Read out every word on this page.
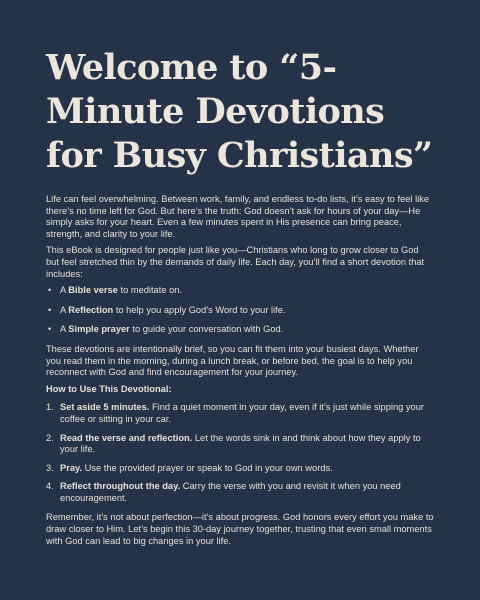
Welcome to “5-Minute Devotions for Busy Christians”

Life can feel overwhelming. Between work, family, and endless to-do lists, it’s easy to feel like there’s no time left for God. But here’s the truth: God doesn’t ask for hours of your day—He simply asks for your heart. Even a few minutes spent in His presence can bring peace, strength, and clarity to your life.

This eBook is designed for people just like you—Christians who long to grow closer to God but feel stretched thin by the demands of daily life. Each day, you’ll find a short devotion that includes:

• A Bible verse to meditate on.
• A Reflection to help you apply God’s Word to your life.
• A Simple prayer to guide your conversation with God.

These devotions are intentionally brief, so you can fit them into your busiest days. Whether you read them in the morning, during a lunch break, or before bed, the goal is to help you reconnect with God and find encouragement for your journey.

How to Use This Devotional:

1. Set aside 5 minutes. Find a quiet moment in your day, even if it’s just while sipping your coffee or sitting in your car.
2. Read the verse and reflection. Let the words sink in and think about how they apply to your life.
3. Pray. Use the provided prayer or speak to God in your own words.
4. Reflect throughout the day. Carry the verse with you and revisit it when you need encouragement.

Remember, it’s not about perfection—it’s about progress. God honors every effort you make to draw closer to Him. Let’s begin this 30-day journey together, trusting that even small moments with God can lead to big changes in your life.
